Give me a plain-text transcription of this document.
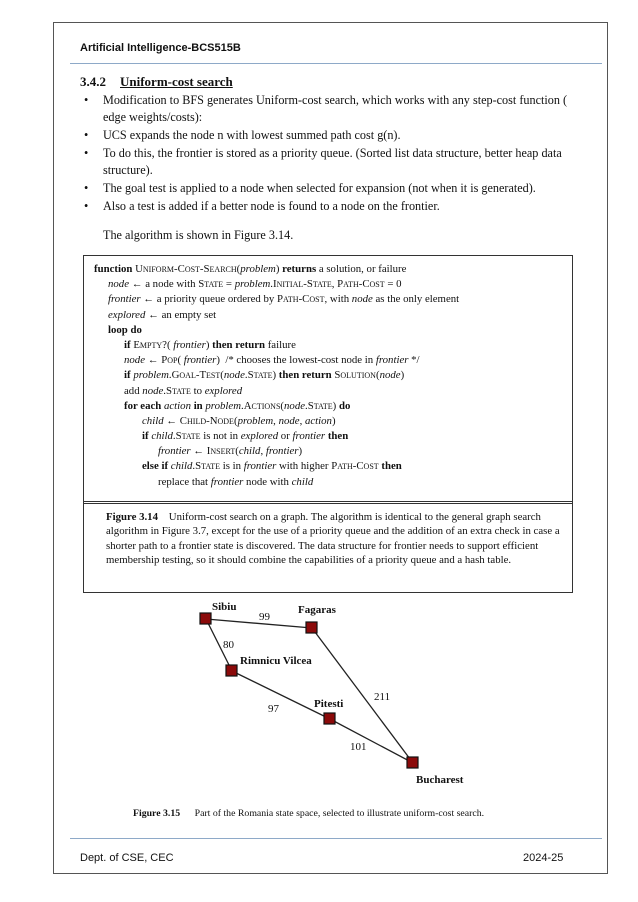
Artificial Intelligence-BCS515B
3.4.2 Uniform-cost search
• Modification to BFS generates Uniform-cost search, which works with any step-cost function ( edge weights/costs):
• UCS expands the node n with lowest summed path cost g(n).
• To do this, the frontier is stored as a priority queue. (Sorted list data structure, better heap data structure).
• The goal test is applied to a node when selected for expansion (not when it is generated).
• Also a test is added if a better node is found to a node on the frontier.
The algorithm is shown in Figure 3.14.
function Uniform-Cost-Search(problem) returns a solution, or failure
node ← a node with State = problem.Initial-State, Path-Cost = 0
frontier ← a priority queue ordered by Path-Cost, with node as the only element
explored ← an empty set
loop do
if Empty?( frontier) then return failure
node ← Pop( frontier)  /* chooses the lowest-cost node in frontier */
if problem.Goal-Test(node.State) then return Solution(node)
add node.State to explored
for each action in problem.Actions(node.State) do
child ← Child-Node(problem, node, action)
if child.State is not in explored or frontier then
frontier ← Insert(child, frontier)
else if child.State is in frontier with higher Path-Cost then
replace that frontier node with child
Figure 3.14 Uniform-cost search on a graph. The algorithm is identical to the general graph search algorithm in Figure 3.7, except for the use of a priority queue and the addition of an extra check in case a shorter path to a frontier state is discovered. The data structure for frontier needs to support efficient membership testing, so it should combine the capabilities of a priority queue and a hash table.
Sibiu	Fagaras
Rimnicu Vilcea
Pitesti
Bucharest
99
80
97
211
101
Figure 3.15 Part of the Romania state space, selected to illustrate uniform-cost search.
Dept. of CSE, CEC	2024-25
